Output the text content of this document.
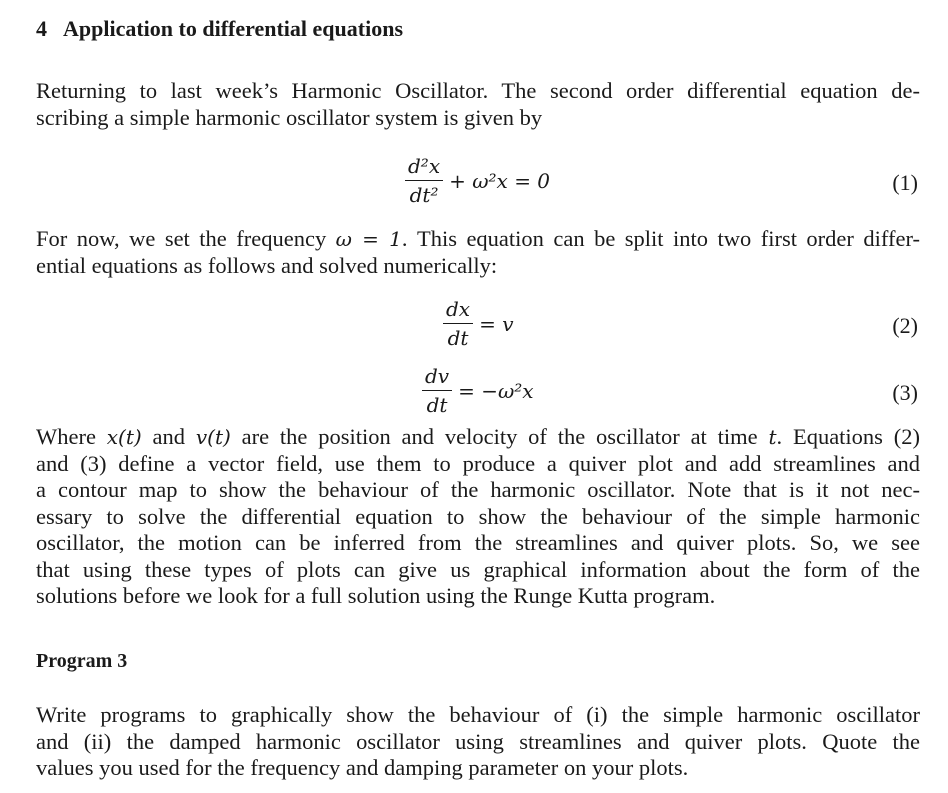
4 Application to differential equations
Returning to last week’s Harmonic Oscillator. The second order differential equation de-
scribing a simple harmonic oscillator system is given by
$\frac{\text{d²x}}{\text{dt²}} + \omega^2x = 0$	(1)
For now, we set the frequency ω = 1. This equation can be split into two first order differ-
ential equations as follows and solved numerically:
$\frac{dx}{dt} = v$	(2)
$\frac{dv}{dt} = -\omega^2x$	(3)
Where x(t) and v(t) are the position and velocity of the oscillator at time t. Equations (2)
and (3) define a vector field, use them to produce a quiver plot and add streamlines and
a contour map to show the behaviour of the harmonic oscillator. Note that is it not nec-
essary to solve the differential equation to show the behaviour of the simple harmonic
oscillator, the motion can be inferred from the streamlines and quiver plots. So, we see
that using these types of plots can give us graphical information about the form of the
solutions before we look for a full solution using the Runge Kutta program.
Program 3
Write programs to graphically show the behaviour of (i) the simple harmonic oscillator
and (ii) the damped harmonic oscillator using streamlines and quiver plots. Quote the
values you used for the frequency and damping parameter on your plots.
